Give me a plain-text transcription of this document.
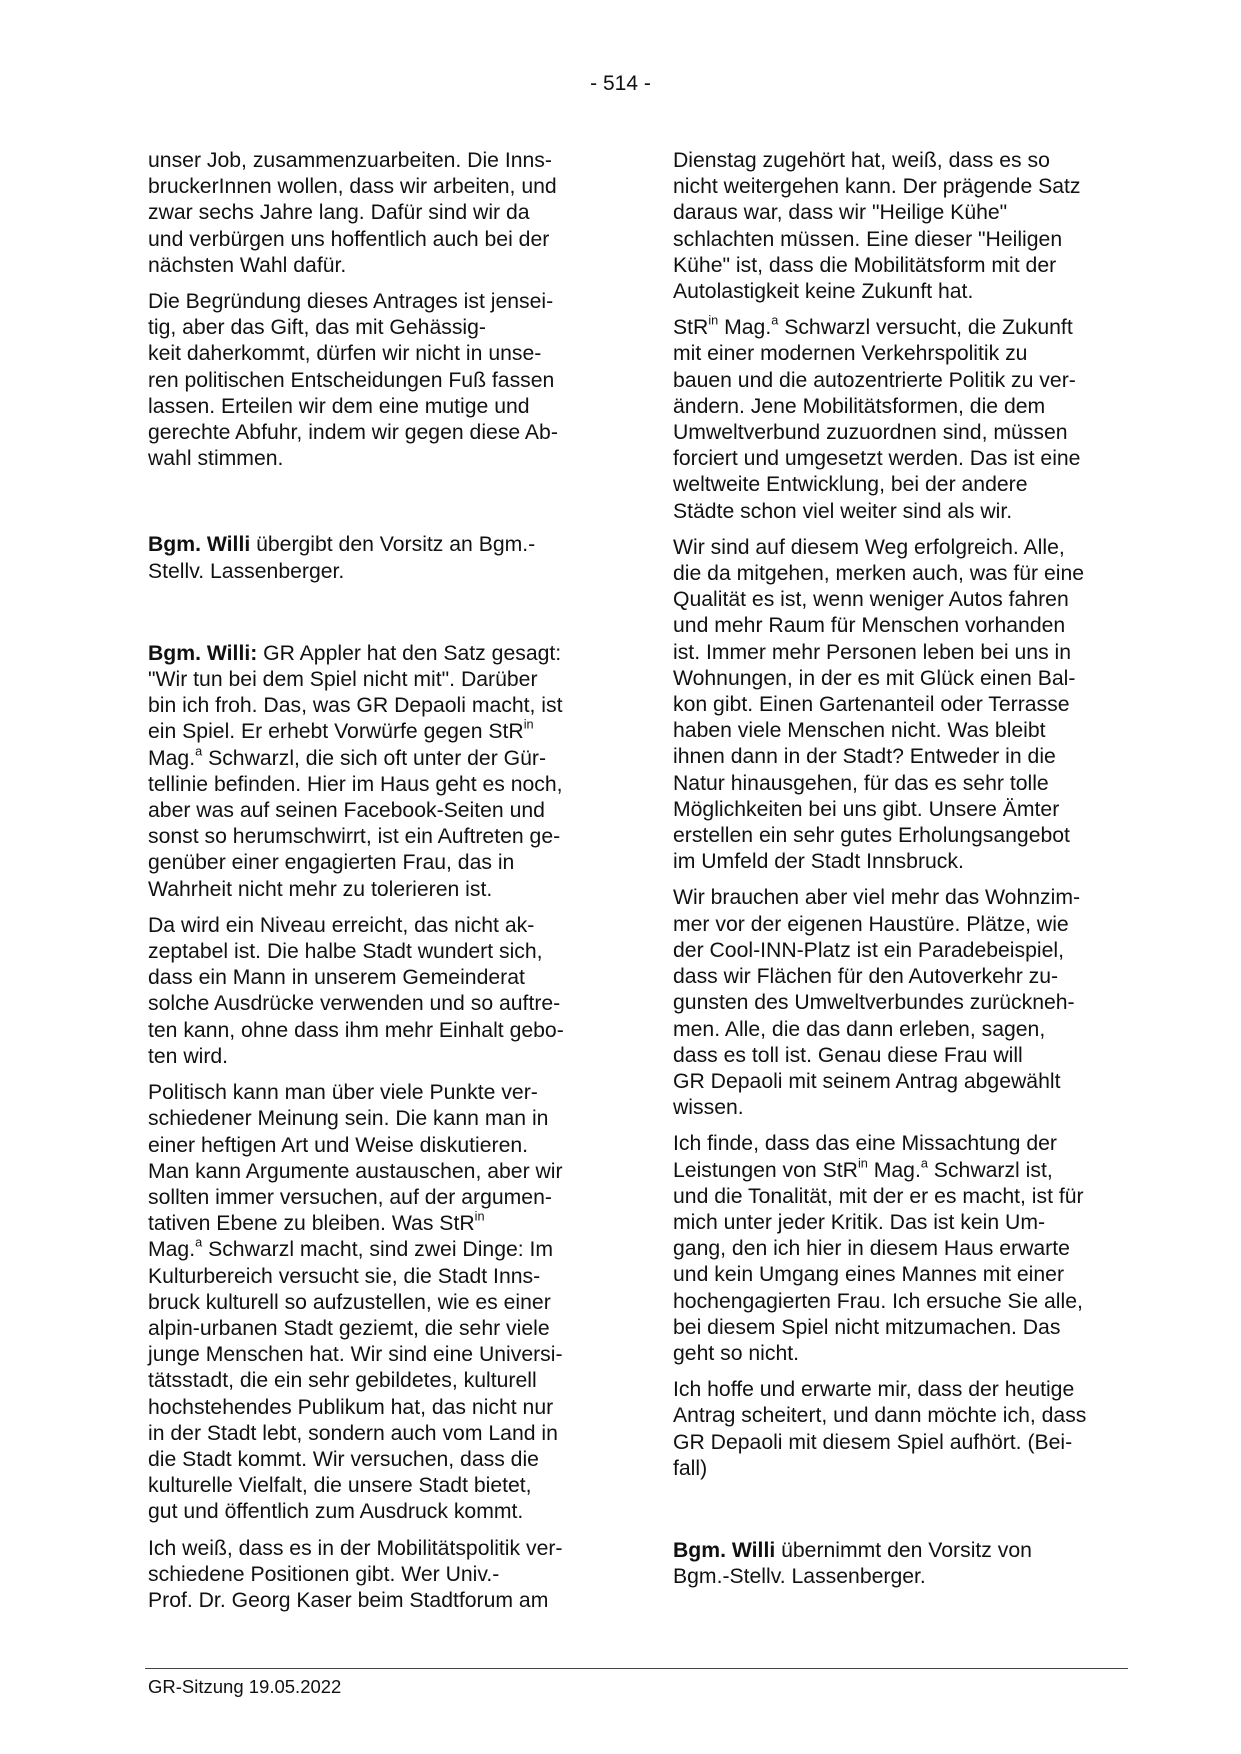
- 514 -

unser Job, zusammenzuarbeiten. Die Inns-
bruckerInnen wollen, dass wir arbeiten, und
zwar sechs Jahre lang. Dafür sind wir da
und verbürgen uns hoffentlich auch bei der
nächsten Wahl dafür.

Die Begründung dieses Antrages ist jensei-
tig, aber das Gift, das mit Gehässig-
keit daherkommt, dürfen wir nicht in unse-
ren politischen Entscheidungen Fuß fassen
lassen. Erteilen wir dem eine mutige und
gerechte Abfuhr, indem wir gegen diese Ab-
wahl stimmen.

Bgm. Willi übergibt den Vorsitz an Bgm.-
Stellv. Lassenberger.

Bgm. Willi: GR Appler hat den Satz gesagt:
"Wir tun bei dem Spiel nicht mit". Darüber
bin ich froh. Das, was GR Depaoli macht, ist
ein Spiel. Er erhebt Vorwürfe gegen StR$^{in}$
Mag.$^a$ Schwarzl, die sich oft unter der Gür-
tellinie befinden. Hier im Haus geht es noch,
aber was auf seinen Facebook-Seiten und
sonst so herumschwirrt, ist ein Auftreten ge-
genüber einer engagierten Frau, das in
Wahrheit nicht mehr zu tolerieren ist.

Da wird ein Niveau erreicht, das nicht ak-
zeptabel ist. Die halbe Stadt wundert sich,
dass ein Mann in unserem Gemeinderat
solche Ausdrücke verwenden und so auftre-
ten kann, ohne dass ihm mehr Einhalt gebo-
ten wird.

Politisch kann man über viele Punkte ver-
schiedener Meinung sein. Die kann man in
einer heftigen Art und Weise diskutieren.
Man kann Argumente austauschen, aber wir
sollten immer versuchen, auf der argumen-
tativen Ebene zu bleiben. Was StR$^{in}$
Mag.$^a$ Schwarzl macht, sind zwei Dinge: Im
Kulturbereich versucht sie, die Stadt Inns-
bruck kulturell so aufzustellen, wie es einer
alpin-urbanen Stadt geziemt, die sehr viele
junge Menschen hat. Wir sind eine Universi-
tätsstadt, die ein sehr gebildetes, kulturell
hochstehendes Publikum hat, das nicht nur
in der Stadt lebt, sondern auch vom Land in
die Stadt kommt. Wir versuchen, dass die
kulturelle Vielfalt, die unsere Stadt bietet,
gut und öffentlich zum Ausdruck kommt.

Ich weiß, dass es in der Mobilitätspolitik ver-
schiedene Positionen gibt. Wer Univ.-
Prof. Dr. Georg Kaser beim Stadtforum am

Dienstag zugehört hat, weiß, dass es so
nicht weitergehen kann. Der prägende Satz
daraus war, dass wir "Heilige Kühe"
schlachten müssen. Eine dieser "Heiligen
Kühe" ist, dass die Mobilitätsform mit der
Autolastigkeit keine Zukunft hat.

StR$^{in}$ Mag.$^a$ Schwarzl versucht, die Zukunft
mit einer modernen Verkehrspolitik zu
bauen und die autozentrierte Politik zu ver-
ändern. Jene Mobilitätsformen, die dem
Umweltverbund zuzuordnen sind, müssen
forciert und umgesetzt werden. Das ist eine
weltweite Entwicklung, bei der andere
Städte schon viel weiter sind als wir.

Wir sind auf diesem Weg erfolgreich. Alle,
die da mitgehen, merken auch, was für eine
Qualität es ist, wenn weniger Autos fahren
und mehr Raum für Menschen vorhanden
ist. Immer mehr Personen leben bei uns in
Wohnungen, in der es mit Glück einen Bal-
kon gibt. Einen Gartenanteil oder Terrasse
haben viele Menschen nicht. Was bleibt
ihnen dann in der Stadt? Entweder in die
Natur hinausgehen, für das es sehr tolle
Möglichkeiten bei uns gibt. Unsere Ämter
erstellen ein sehr gutes Erholungsangebot
im Umfeld der Stadt Innsbruck.

Wir brauchen aber viel mehr das Wohnzim-
mer vor der eigenen Haustüre. Plätze, wie
der Cool-INN-Platz ist ein Paradebeispiel,
dass wir Flächen für den Autoverkehr zu-
gunsten des Umweltverbundes zurückneh-
men. Alle, die das dann erleben, sagen,
dass es toll ist. Genau diese Frau will
GR Depaoli mit seinem Antrag abgewählt
wissen.

Ich finde, dass das eine Missachtung der
Leistungen von StR$^{in}$ Mag.$^a$ Schwarzl ist,
und die Tonalität, mit der er es macht, ist für
mich unter jeder Kritik. Das ist kein Um-
gang, den ich hier in diesem Haus erwarte
und kein Umgang eines Mannes mit einer
hochengagierten Frau. Ich ersuche Sie alle,
bei diesem Spiel nicht mitzumachen. Das
geht so nicht.

Ich hoffe und erwarte mir, dass der heutige
Antrag scheitert, und dann möchte ich, dass
GR Depaoli mit diesem Spiel aufhört. (Bei-
fall)

Bgm. Willi übernimmt den Vorsitz von
Bgm.-Stellv. Lassenberger.

GR-Sitzung 19.05.2022
